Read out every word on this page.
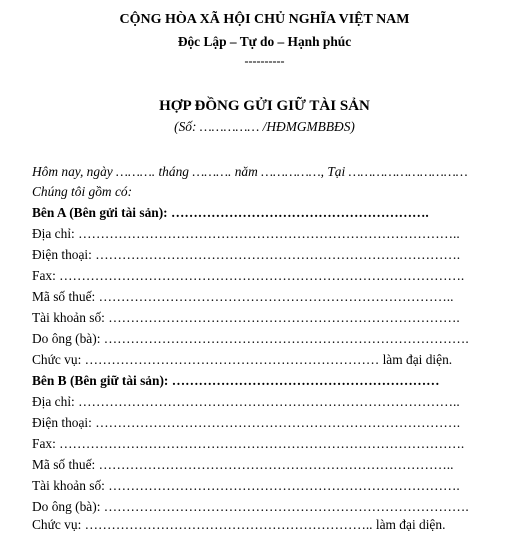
CỘNG HÒA XÃ HỘI CHỦ NGHĨA VIỆT NAM
Độc Lập – Tự do – Hạnh phúc
----------
HỢP ĐỒNG GỬI GIỮ TÀI SẢN
(Số: …………… /HĐMGMBBĐS)
Hôm nay, ngày ………. tháng ………. năm ……………, Tại …………………………
Chúng tôi gồm có:
Bên A (Bên gửi tài sản): ………………………………………………….
Địa chỉ: …………………………………………………………………………..
Điện thoại: ……………………………………………………………………….
Fax: ……………………………………………………………………………….
Mã số thuế: ……………………………………………………………………..
Tài khoản số: …………………………………………………………………….
Do ông (bà): ……………………………………………………………………….
Chức vụ: ………………………………………………………… làm đại diện.
Bên B (Bên giữ tài sản): ……………………………………………………
Địa chỉ: …………………………………………………………………………..
Điện thoại: ……………………………………………………………………….
Fax: ……………………………………………………………………………….
Mã số thuế: ……………………………………………………………………..
Tài khoản số: …………………………………………………………………….
Do ông (bà): ……………………………………………………………………….
Chức vụ: ……………………………………………………….. làm đại diện.
